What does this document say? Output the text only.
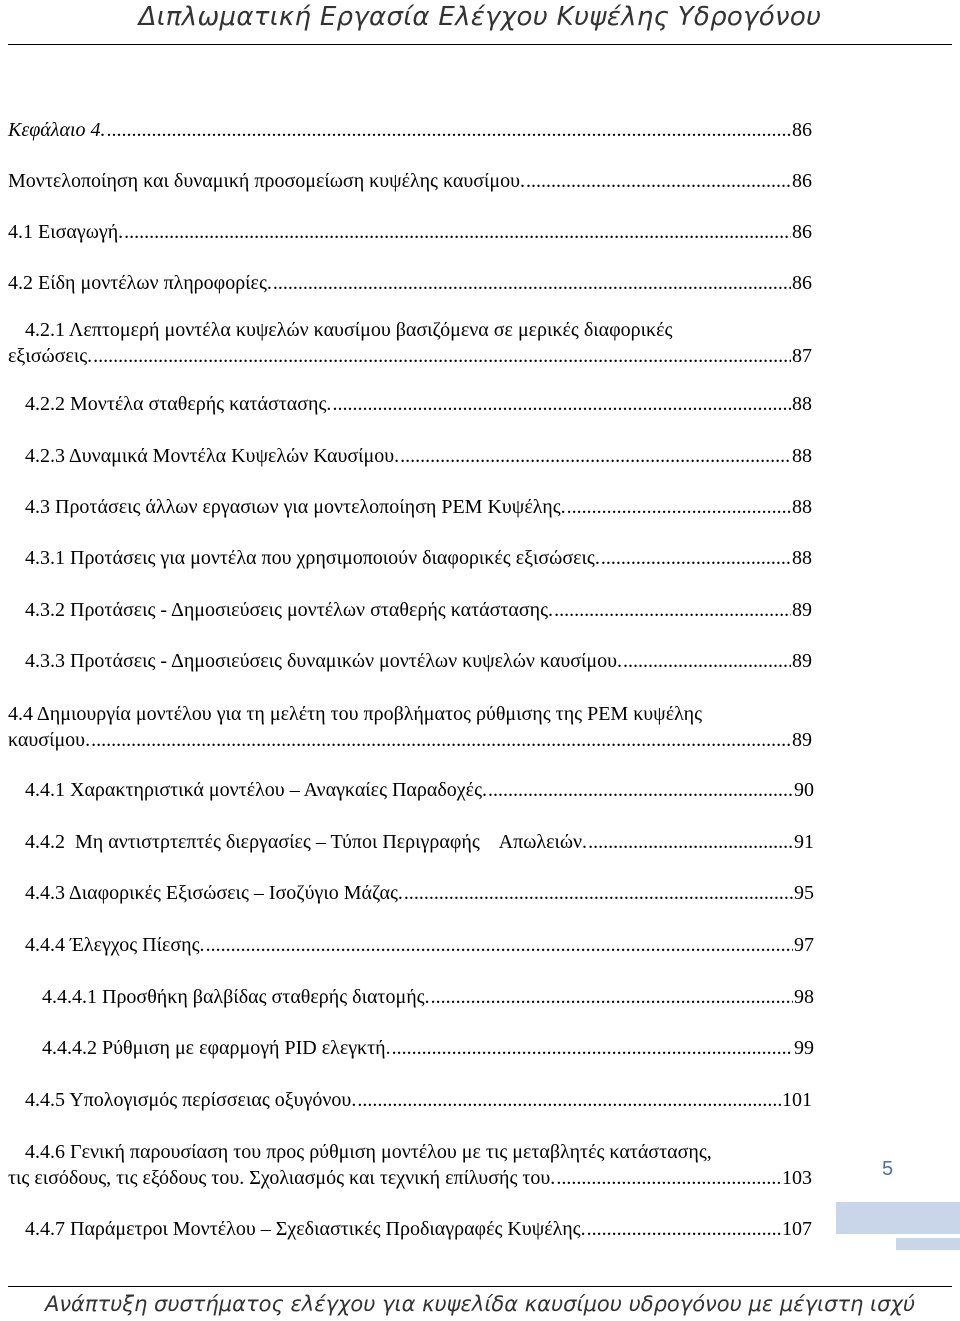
Διπλωματική Εργασία Ελέγχου Κυψέλης Υδρογόνου
Κεφάλαιο 4. .....	86
Μοντελοποίηση και δυναμική προσομείωση κυψέλης καυσίμου. .....	86
4.1 Εισαγωγή. .....	86
4.2 Είδη μοντέλων πληροφορίες. .....	86
4.2.1 Λεπτομερή μοντέλα κυψελών καυσίμου βασιζόμενα σε μερικές διαφορικές
εξισώσεις. .....	87
4.2.2 Μοντέλα σταθερής κατάστασης. .....	88
4.2.3 Δυναμικά Μοντέλα Κυψελών Καυσίμου. .....	88
4.3 Προτάσεις άλλων εργασιων για μοντελοποίηση PEM Κυψέλης. .....	88
4.3.1 Προτάσεις για μοντέλα που χρησιμοποιούν διαφορικές εξισώσεις. .....	88
4.3.2 Προτάσεις - Δημοσιεύσεις μοντέλων σταθερής κατάστασης. .....	89
4.3.3 Προτάσεις - Δημοσιεύσεις δυναμικών μοντέλων κυψελών καυσίμου. .....	89
4.4 Δημιουργία μοντέλου για τη μελέτη του προβλήματος ρύθμισης της PEM κυψέλης
καυσίμου. .....	89
4.4.1 Χαρακτηριστικά μοντέλου – Αναγκαίες Παραδοχές. .....	90
4.4.2  Μη αντιστρτεπτές διεργασίες – Τύποι Περιγραφής    Απωλειών. .....	91
4.4.3 Διαφορικές Εξισώσεις – Ισοζύγιο Μάζας. .....	95
4.4.4 Έλεγχος Πίεσης. .....	97
4.4.4.1 Προσθήκη βαλβίδας σταθερής διατομής. .....	98
4.4.4.2 Ρύθμιση με εφαρμογή PID ελεγκτή. .....	99
4.4.5 Υπολογισμός περίσσειας οξυγόνου. .....	101
4.4.6 Γενική παρουσίαση του προς ρύθμιση μοντέλου με τις μεταβλητές κατάστασης,
τις εισόδους, τις εξόδους του. Σχολιασμός και τεχνική επίλυσής του. .....	103
4.4.7 Παράμετροι Μοντέλου – Σχεδιαστικές Προδιαγραφές Κυψέλης. .....	107
5
Ανάπτυξη συστήματος ελέγχου για κυψελίδα καυσίμου υδρογόνου με μέγιστη ισχύ
